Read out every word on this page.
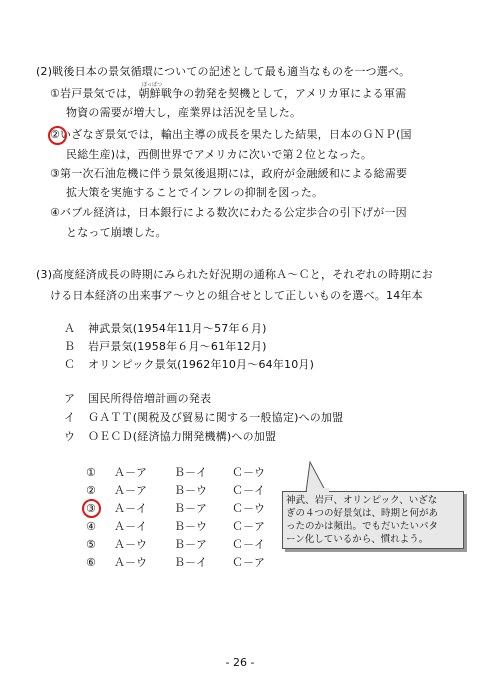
(2)戦後日本の景気循環についての記述として最も適当なものを一つ選べ。
ぼっぱつ
①岩戸景気では，朝鮮戦争の勃発を契機として，アメリカ軍による軍需
物資の需要が増大し，産業界は活況を呈した。
②いざなぎ景気では，輸出主導の成長を果たした結果，日本のＧＮＰ(国
民総生産)は，西側世界でアメリカに次いで第２位となった。
③第一次石油危機に伴う景気後退期には，政府が金融緩和による総需要
拡大策を実施することでインフレの抑制を図った。
④バブル経済は，日本銀行による数次にわたる公定歩合の引下げが一因
となって崩壊した。
(3)高度経済成長の時期にみられた好況期の通称Ａ～Ｃと，それぞれの時期にお
ける日本経済の出来事ア～ウとの組合せとして正しいものを選べ。14年本
Ａ 神武景気(1954年11月～57年６月)
Ｂ 岩戸景気(1958年６月～61年12月)
Ｃ オリンピック景気(1962年10月～64年10月)
ア 国民所得倍増計画の発表
イ ＧＡＴＴ(関税及び貿易に関する一般協定)への加盟
ウ ＯＥＣＤ(経済協力開発機構)への加盟
① Ａ－ア Ｂ－イ Ｃ－ウ
② Ａ－ア Ｂ－ウ Ｃ－イ
③ Ａ－イ Ｂ－ア Ｃ－ウ
④ Ａ－イ Ｂ－ウ Ｃ－ア
⑤ Ａ－ウ Ｂ－ア Ｃ－イ
⑥ Ａ－ウ Ｂ－イ Ｃ－ア
神武、岩戸、オリンピック、いざな
ぎの４つの好景気は、時期と何があ
ったのかは頻出。でもだいたいパタ
ーン化しているから、慣れよう。
- 26 -
